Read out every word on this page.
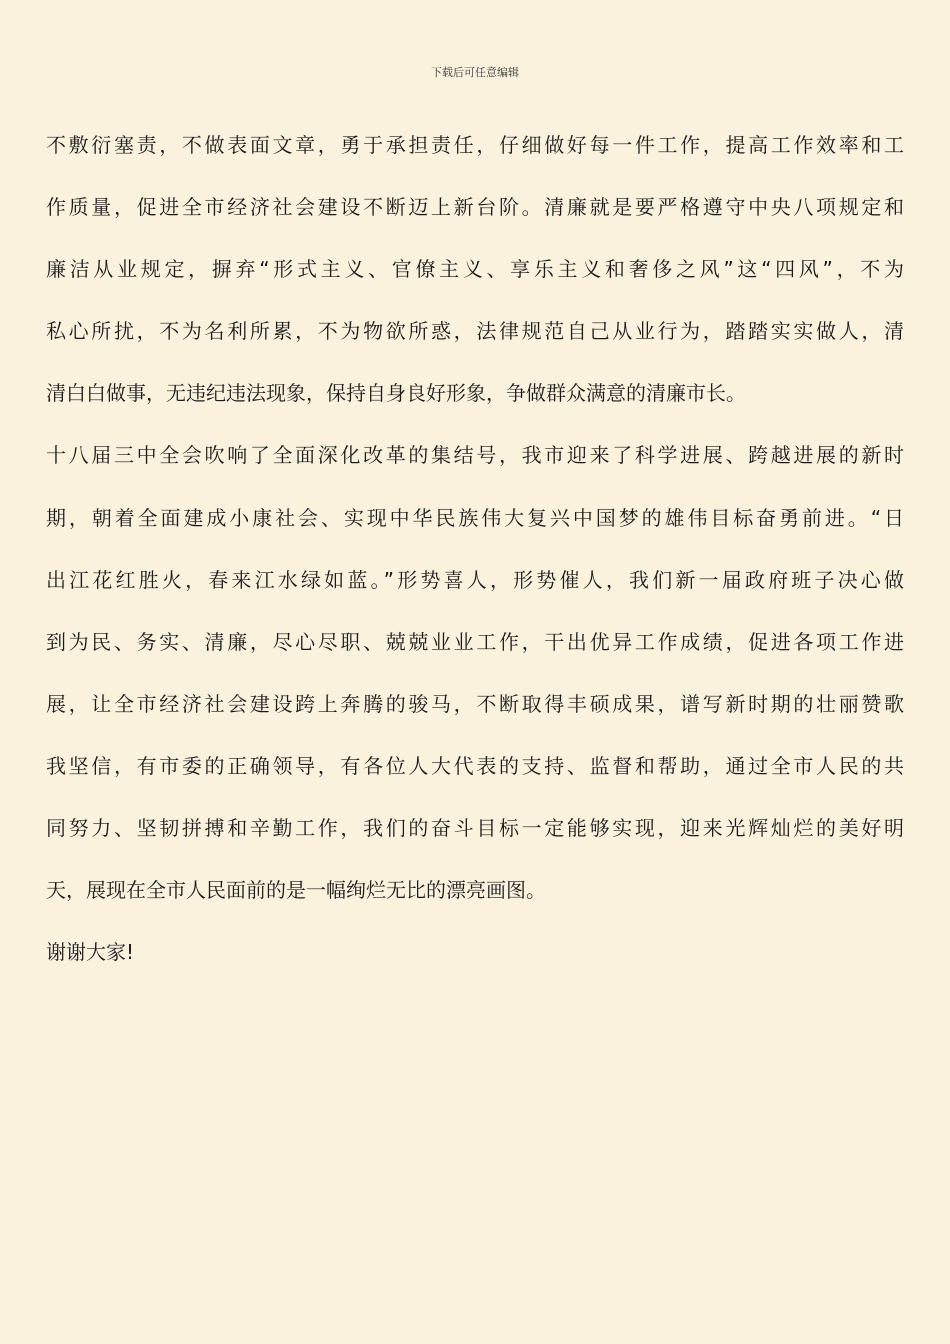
下载后可任意编辑
不敷衍塞责，不做表面文章，勇于承担责任，仔细做好每一件工作，提高工作效率和工
作质量，促进全市经济社会建设不断迈上新台阶。清廉就是要严格遵守中央八项规定和
廉洁从业规定，摒弃“形式主义、官僚主义、享乐主义和奢侈之风”这“四风”，不为
私心所扰，不为名利所累，不为物欲所惑，法律规范自己从业行为，踏踏实实做人，清
清白白做事，无违纪违法现象，保持自身良好形象，争做群众满意的清廉市长。
十八届三中全会吹响了全面深化改革的集结号，我市迎来了科学进展、跨越进展的新时
期，朝着全面建成小康社会、实现中华民族伟大复兴中国梦的雄伟目标奋勇前进。“日
出江花红胜火，春来江水绿如蓝。”形势喜人，形势催人，我们新一届政府班子决心做
到为民、务实、清廉，尽心尽职、兢兢业业工作，干出优异工作成绩，促进各项工作进
展，让全市经济社会建设跨上奔腾的骏马，不断取得丰硕成果，谱写新时期的壮丽赞歌
我坚信，有市委的正确领导，有各位人大代表的支持、监督和帮助，通过全市人民的共
同努力、坚韧拼搏和辛勤工作，我们的奋斗目标一定能够实现，迎来光辉灿烂的美好明
天，展现在全市人民面前的是一幅绚烂无比的漂亮画图。
谢谢大家!
